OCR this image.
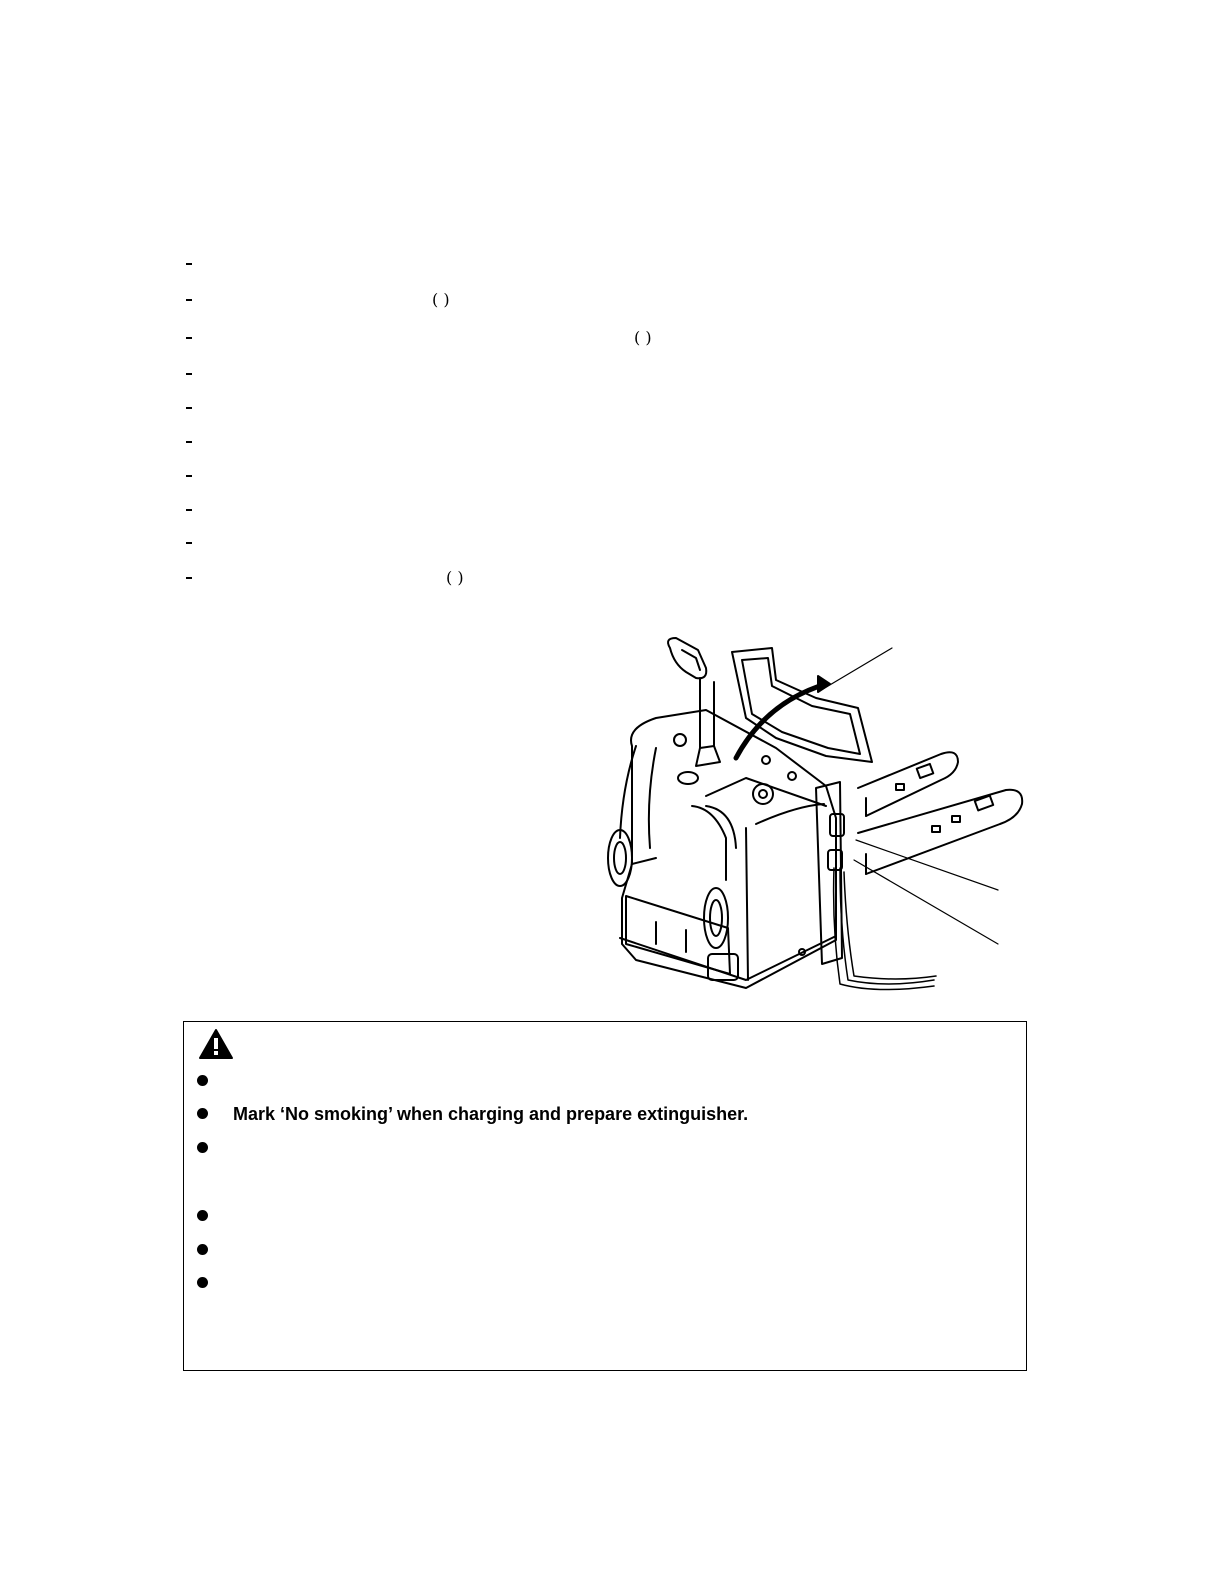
( )
( )
( )
Mark ‘No smoking’ when charging and prepare extinguisher.
